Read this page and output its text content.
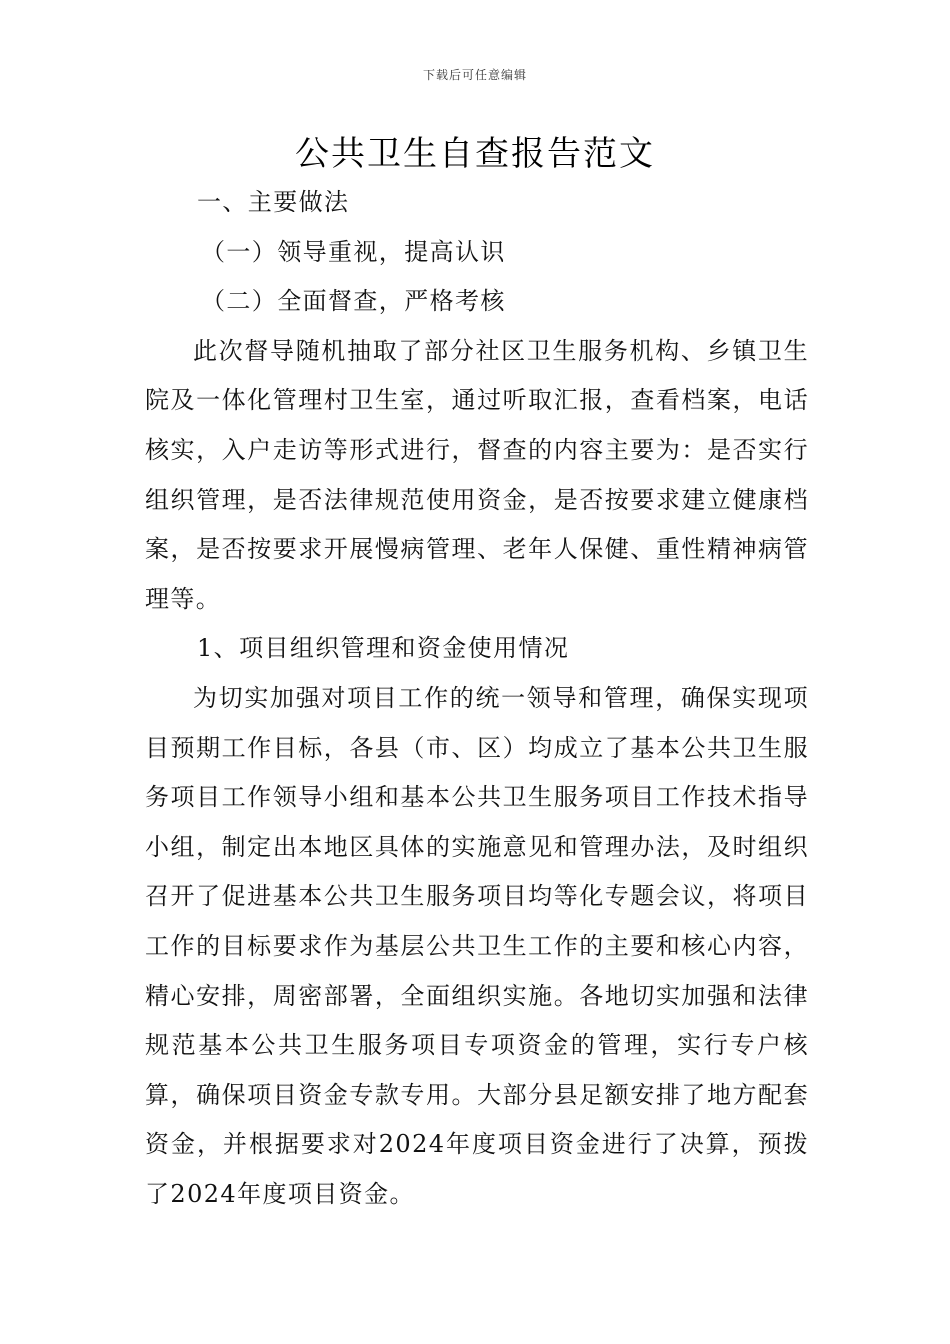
下载后可任意编辑
公共卫生自查报告范文

一、主要做法

（一）领导重视，提高认识

（二）全面督查，严格考核

此次督导随机抽取了部分社区卫生服务机构、乡镇卫生院及一体化管理村卫生室，通过听取汇报，查看档案，电话核实，入户走访等形式进行，督查的内容主要为：是否实行组织管理，是否法律规范使用资金，是否按要求建立健康档案，是否按要求开展慢病管理、老年人保健、重性精神病管理等。

1、项目组织管理和资金使用情况

为切实加强对项目工作的统一领导和管理，确保实现项目预期工作目标，各县（市、区）均成立了基本公共卫生服务项目工作领导小组和基本公共卫生服务项目工作技术指导小组，制定出本地区具体的实施意见和管理办法，及时组织召开了促进基本公共卫生服务项目均等化专题会议，将项目工作的目标要求作为基层公共卫生工作的主要和核心内容，精心安排，周密部署，全面组织实施。各地切实加强和法律规范基本公共卫生服务项目专项资金的管理，实行专户核算，确保项目资金专款专用。大部分县足额安排了地方配套资金，并根据要求对2024年度项目资金进行了决算，预拨了2024年度项目资金。
